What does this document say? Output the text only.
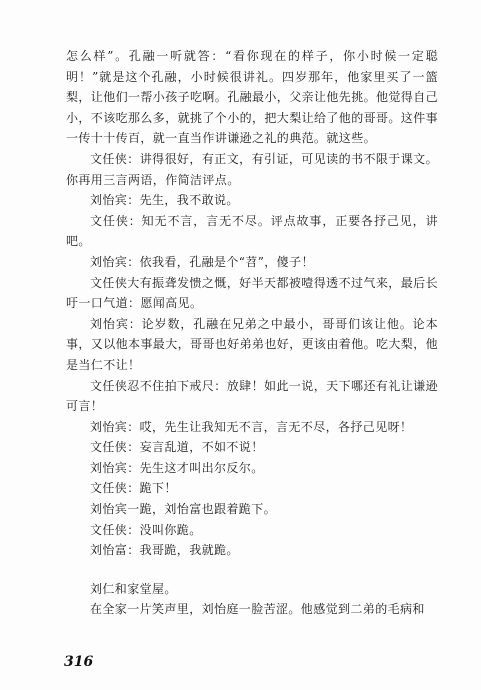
怎么样”。孔融一听就答：“看你现在的样子，你小时候一定聪明！”就是这个孔融，小时候很讲礼。四岁那年，他家里买了一篮梨，让他们一帮小孩子吃啊。孔融最小，父亲让他先挑。他觉得自己小，不该吃那么多，就挑了个小的，把大梨让给了他的哥哥。这件事一传十十传百，就一直当作讲谦逊之礼的典范。就这些。

文任侠：讲得很好，有正文，有引证，可见读的书不限于课文。你再用三言两语，作简洁评点。

刘怡宾：先生，我不敢说。

文任侠：知无不言，言无不尽。评点故事，正要各抒己见，讲吧。

刘怡宾：依我看，孔融是个“苕”，傻子！

文任侠大有振聋发愦之慨，好半天都被噎得透不过气来，最后长吁一口气道：愿闻高见。

刘怡宾：论岁数，孔融在兄弟之中最小，哥哥们该让他。论本事，又以他本事最大，哥哥也好弟弟也好，更该由着他。吃大梨，他是当仁不让！

文任侠忍不住拍下戒尺：放肆！如此一说，天下哪还有礼让谦逊可言！

刘怡宾：哎，先生让我知无不言，言无不尽，各抒己见呀！

文任侠：妄言乱道，不如不说！

刘怡宾：先生这才叫出尔反尔。

文任侠：跪下！

刘怡宾一跪，刘怡富也跟着跪下。

文任侠：没叫你跪。

刘怡富：我哥跪，我就跪。

刘仁和家堂屋。

在全家一片笑声里，刘怡庭一脸苦涩。他感觉到二弟的毛病和

316
